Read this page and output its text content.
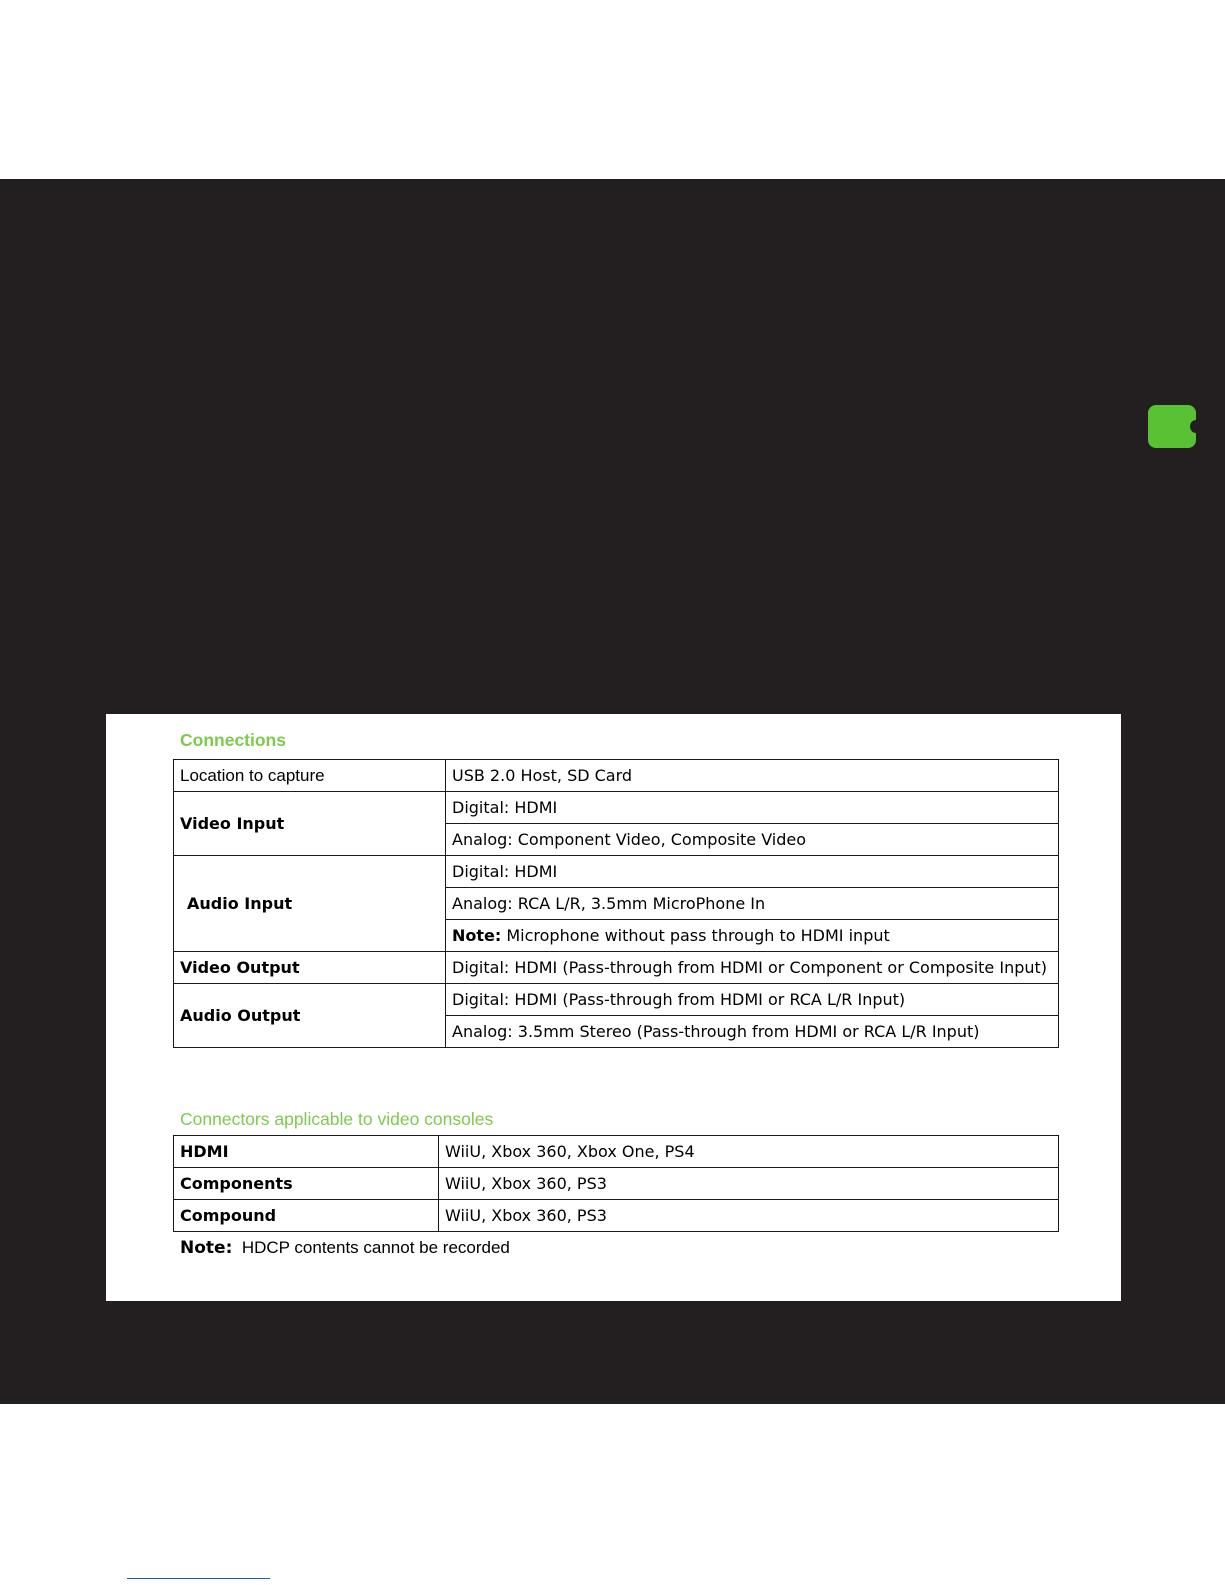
Connections
Location to capture	USB 2.0 Host, SD Card
Video Input	Digital: HDMI
	Analog: Component Video, Composite Video
Audio Input	Digital: HDMI
	Analog: RCA L/R, 3.5mm MicroPhone In
	Note: Microphone without pass through to HDMI input
Video Output	Digital: HDMI (Pass-through from HDMI or Component or Composite Input)
Audio Output	Digital: HDMI (Pass-through from HDMI or RCA L/R Input)
	Analog: 3.5mm Stereo (Pass-through from HDMI or RCA L/R Input)
Connectors applicable to video consoles
HDMI	WiiU, Xbox 360, Xbox One, PS4
Components	WiiU, Xbox 360, PS3
Compound	WiiU, Xbox 360, PS3
Note:  HDCP contents cannot be recorded
